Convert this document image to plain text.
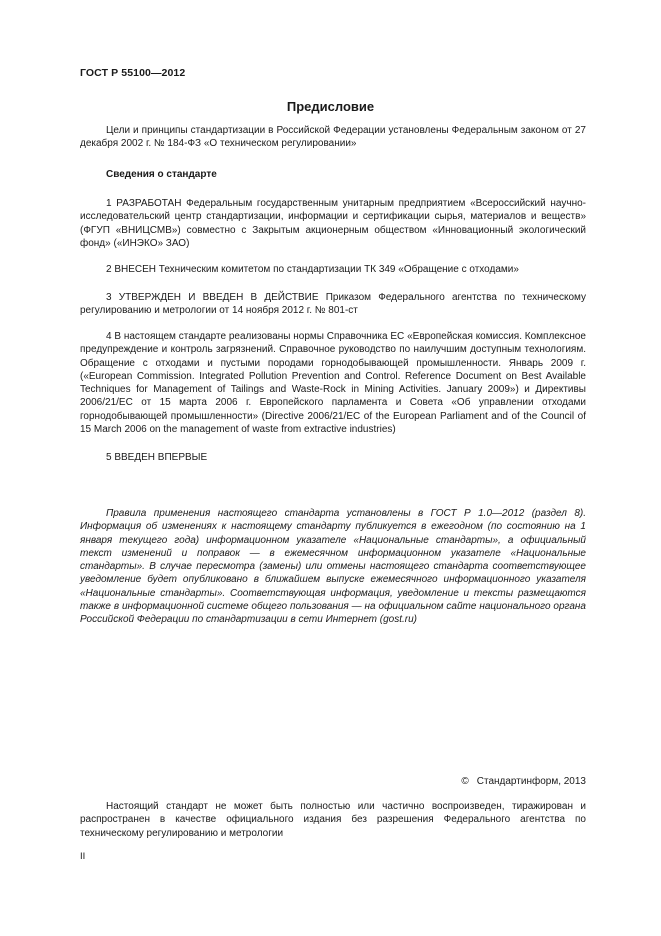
ГОСТ Р 55100—2012
Предисловие

Цели и принципы стандартизации в Российской Федерации установлены Федеральным законом от 27 декабря 2002 г. № 184-ФЗ «О техническом регулировании»

Сведения о стандарте

1 РАЗРАБОТАН Федеральным государственным унитарным предприятием «Всероссийский научно-исследовательский центр стандартизации, информации и сертификации сырья, материалов и веществ» (ФГУП «ВНИЦСМВ») совместно с Закрытым акционерным обществом «Инновационный экологический фонд» («ИНЭКО» ЗАО)

2 ВНЕСЕН Техническим комитетом по стандартизации ТК 349 «Обращение с отходами»

3 УТВЕРЖДЕН И ВВЕДЕН В ДЕЙСТВИЕ Приказом Федерального агентства по техническому регулированию и метрологии от 14 ноября 2012 г. № 801-ст

4 В настоящем стандарте реализованы нормы Справочника ЕС «Европейская комиссия. Комплексное предупреждение и контроль загрязнений. Справочное руководство по наилучшим доступным технологиям. Обращение с отходами и пустыми породами горнодобывающей промышленности. Январь 2009 г. («European Commission. Integrated Pollution Prevention and Control. Reference Document on Best Available Techniques for Management of Tailings and Waste-Rock in Mining Activities. January 2009») и Директивы 2006/21/ЕС от 15 марта 2006 г. Европейского парламента и Совета «Об управлении отходами горнодобывающей промышленности» (Directive 2006/21/EC of the European Parliament and of the Council of 15 March 2006 on the management of waste from extractive industries)

5 ВВЕДЕН ВПЕРВЫЕ

Правила применения настоящего стандарта установлены в ГОСТ Р 1.0—2012 (раздел 8). Информация об изменениях к настоящему стандарту публикуется в ежегодном (по состоянию на 1 января текущего года) информационном указателе «Национальные стандарты», а официальный текст изменений и поправок — в ежемесячном информационном указателе «Национальные стандарты». В случае пересмотра (замены) или отмены настоящего стандарта соответствующее уведомление будет опубликовано в ближайшем выпуске ежемесячного информационного указателя «Национальные стандарты». Соответствующая информация, уведомление и тексты размещаются также в информационной системе общего пользования — на официальном сайте национального органа Российской Федерации по стандартизации в сети Интернет (gost.ru)

© Стандартинформ, 2013

Настоящий стандарт не может быть полностью или частично воспроизведен, тиражирован и распространен в качестве официального издания без разрешения Федерального агентства по техническому регулированию и метрологии

II
